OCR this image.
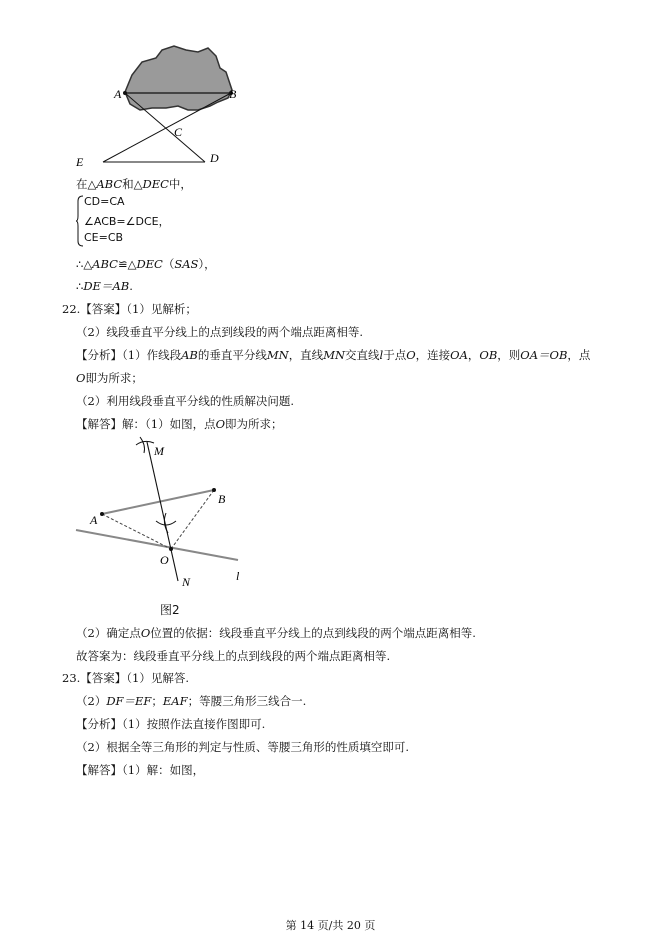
A	B
C
D
E
在△ABC和△DEC中，
CD=CA
∠ACB=∠DCE，
CE=CB
∴△ABC≌△DEC（SAS），
∴DE＝AB.
22.【答案】（1）见解析；
（2）线段垂直平分线上的点到线段的两个端点距离相等.
【分析】（1）作线段AB的垂直平分线MN，直线MN交直线l于点O，连接OA，OB，则OA＝OB，点
O即为所求；
（2）利用线段垂直平分线的性质解决问题.
【解答】解：（1）如图，点O即为所求；
M
A
B
O
N	l
图2
（2）确定点O位置的依据：线段垂直平分线上的点到线段的两个端点距离相等.
故答案为：线段垂直平分线上的点到线段的两个端点距离相等.
23.【答案】（1）见解答.
（2）DF＝EF；EAF；等腰三角形三线合一.
【分析】（1）按照作法直接作图即可.
（2）根据全等三角形的判定与性质、等腰三角形的性质填空即可.
【解答】（1）解：如图，
第 14 页/共 20 页
